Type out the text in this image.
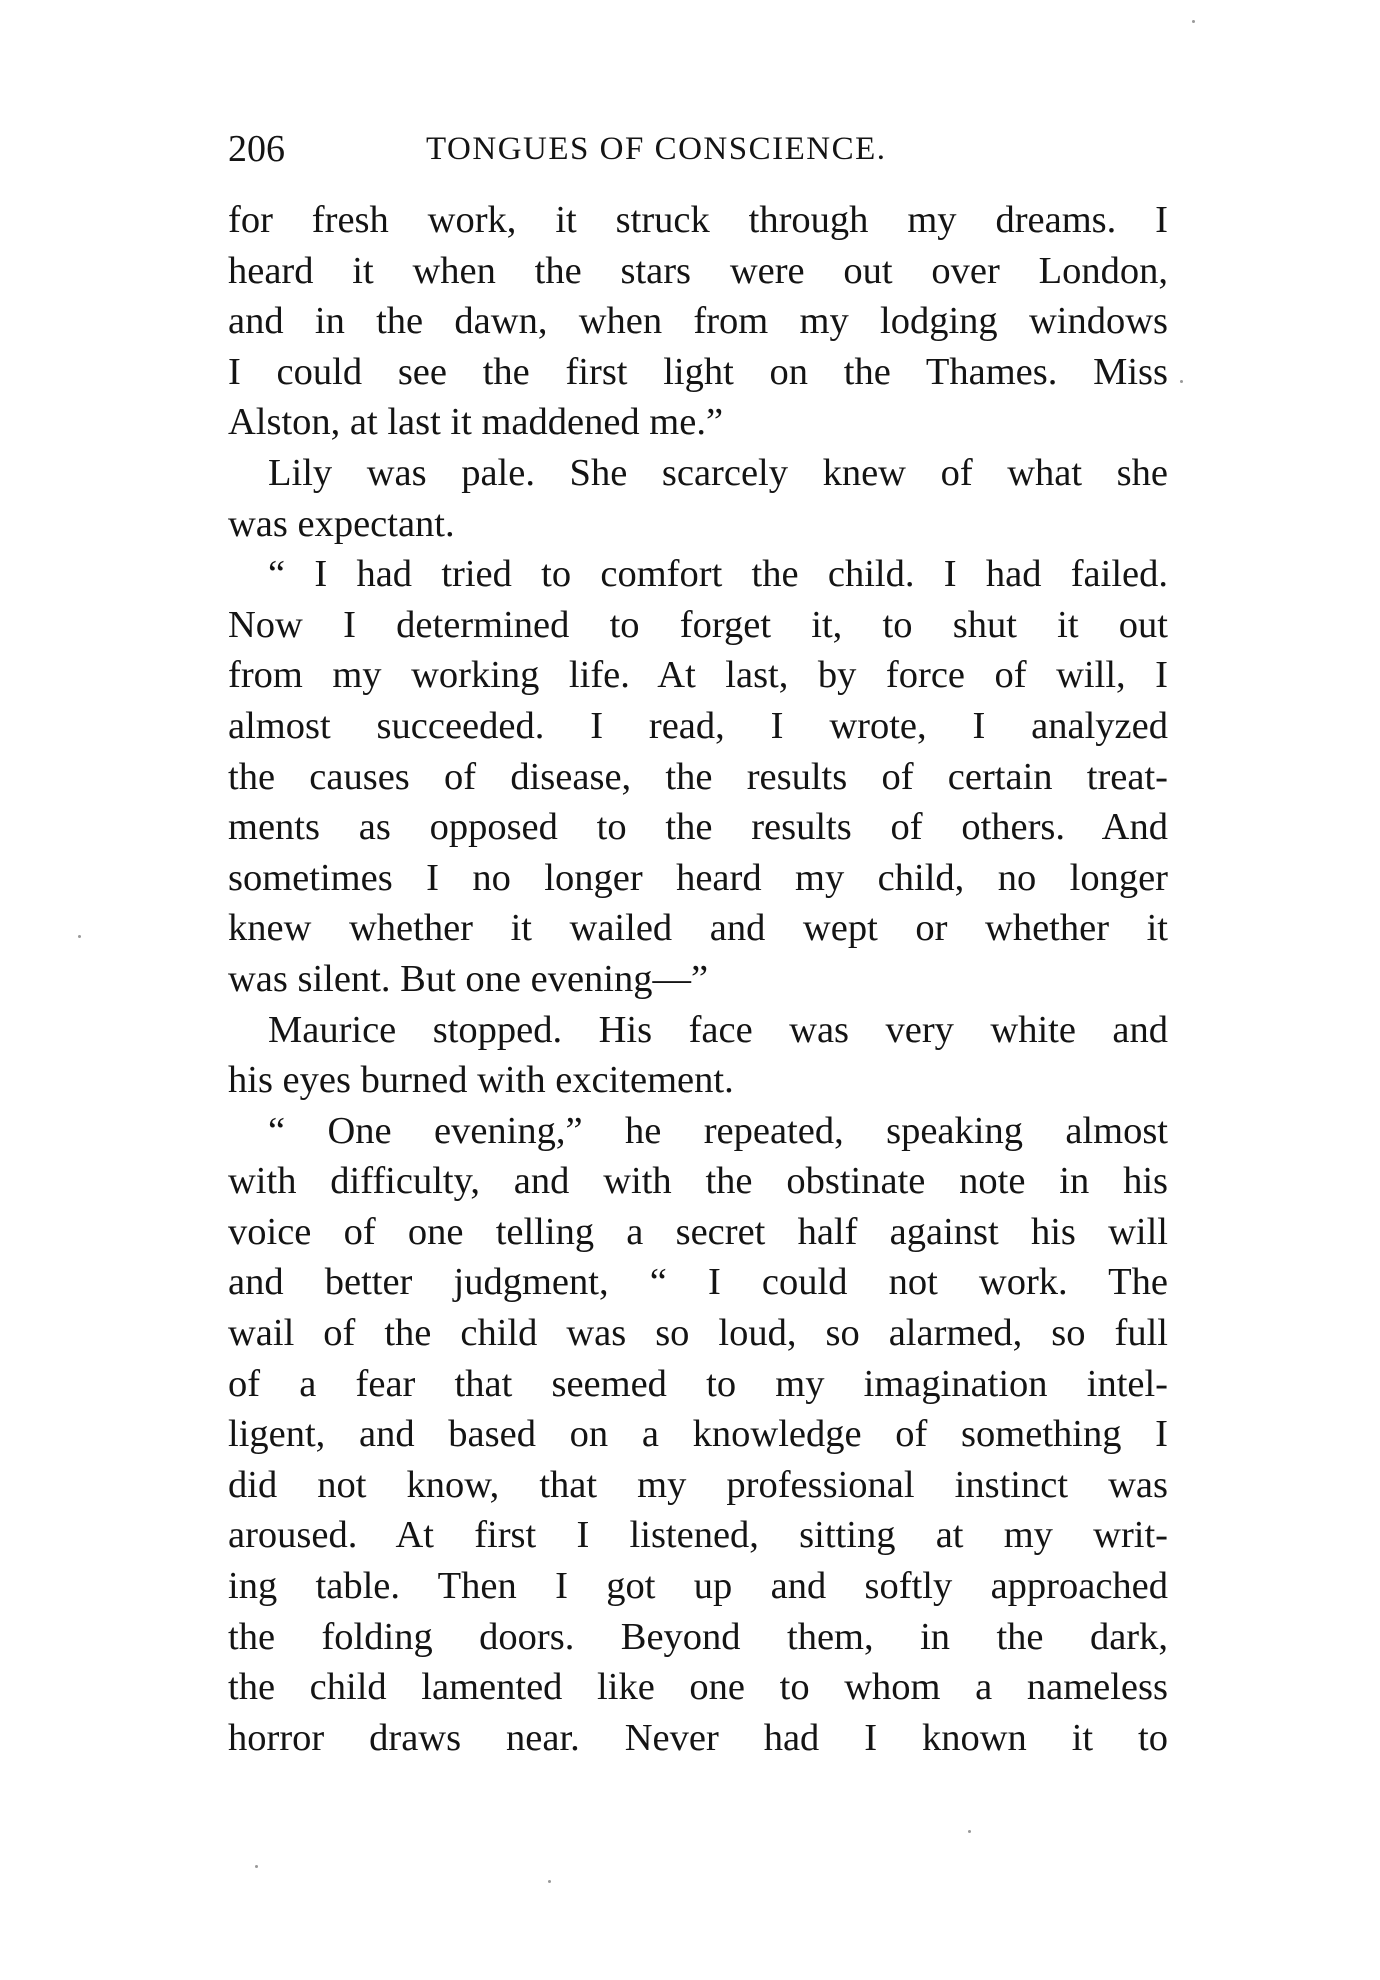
206	TONGUES OF CONSCIENCE.
for fresh work, it struck through my dreams. I
heard it when the stars were out over London,
and in the dawn, when from my lodging windows
I could see the first light on the Thames. Miss
Alston, at last it maddened me.”
Lily was pale. She scarcely knew of what she
was expectant.
“ I had tried to comfort the child. I had failed.
Now I determined to forget it, to shut it out
from my working life. At last, by force of will, I
almost succeeded. I read, I wrote, I analyzed
the causes of disease, the results of certain treat-
ments as opposed to the results of others. And
sometimes I no longer heard my child, no longer
knew whether it wailed and wept or whether it
was silent. But one evening—”
Maurice stopped. His face was very white and
his eyes burned with excitement.
“ One evening,” he repeated, speaking almost
with difficulty, and with the obstinate note in his
voice of one telling a secret half against his will
and better judgment, “ I could not work. The
wail of the child was so loud, so alarmed, so full
of a fear that seemed to my imagination intel-
ligent, and based on a knowledge of something I
did not know, that my professional instinct was
aroused. At first I listened, sitting at my writ-
ing table. Then I got up and softly approached
the folding doors. Beyond them, in the dark,
the child lamented like one to whom a nameless
horror draws near. Never had I known it to
